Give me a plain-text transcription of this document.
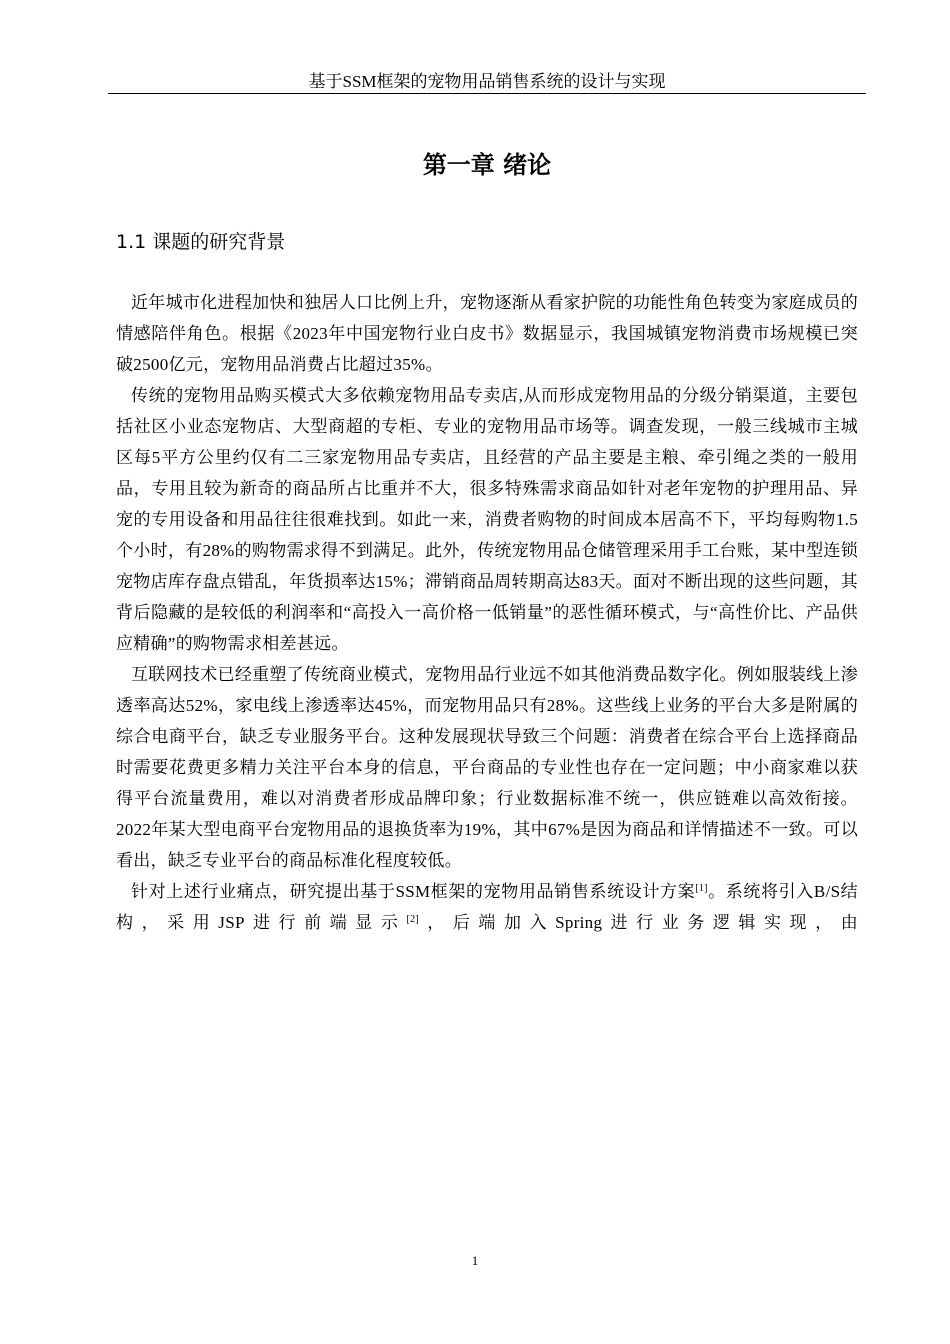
基于SSM框架的宠物用品销售系统的设计与实现
第一章 绪论
1.1 课题的研究背景

近年城市化进程加快和独居人口比例上升，宠物逐渐从看家护院的功能性角色转变为家庭成员的情感陪伴角色。根据《2023年中国宠物行业白皮书》数据显示，我国城镇宠物消费市场规模已突破2500亿元，宠物用品消费占比超过35%。

传统的宠物用品购买模式大多依赖宠物用品专卖店,从而形成宠物用品的分级分销渠道，主要包括社区小业态宠物店、大型商超的专柜、专业的宠物用品市场等。调查发现，一般三线城市主城区每5平方公里约仅有二三家宠物用品专卖店，且经营的产品主要是主粮、牵引绳之类的一般用品，专用且较为新奇的商品所占比重并不大，很多特殊需求商品如针对老年宠物的护理用品、异宠的专用设备和用品往往很难找到。如此一来，消费者购物的时间成本居高不下，平均每购物1.5个小时，有28%的购物需求得不到满足。此外，传统宠物用品仓储管理采用手工台账，某中型连锁宠物店库存盘点错乱，年货损率达15%；滞销商品周转期高达83天。面对不断出现的这些问题，其背后隐藏的是较低的利润率和“高投入一高价格一低销量”的恶性循环模式，与“高性价比、产品供应精确”的购物需求相差甚远。

互联网技术已经重塑了传统商业模式，宠物用品行业远不如其他消费品数字化。例如服装线上渗透率高达52%，家电线上渗透率达45%，而宠物用品只有28%。这些线上业务的平台大多是附属的综合电商平台，缺乏专业服务平台。这种发展现状导致三个问题：消费者在综合平台上选择商品时需要花费更多精力关注平台本身的信息，平台商品的专业性也存在一定问题；中小商家难以获得平台流量费用，难以对消费者形成品牌印象；行业数据标准不统一，供应链难以高效衔接。 2022年某大型电商平台宠物用品的退换货率为19%，其中67%是因为商品和详情描述不一致。可以看出，缺乏专业平台的商品标准化程度较低。

针对上述行业痛点，研究提出基于SSM框架的宠物用品销售系统设计方案[1]。系统将引入B/S结构，采用JSP进行前端显示[2]，后端加入Spring进行业务逻辑实现，由

1
